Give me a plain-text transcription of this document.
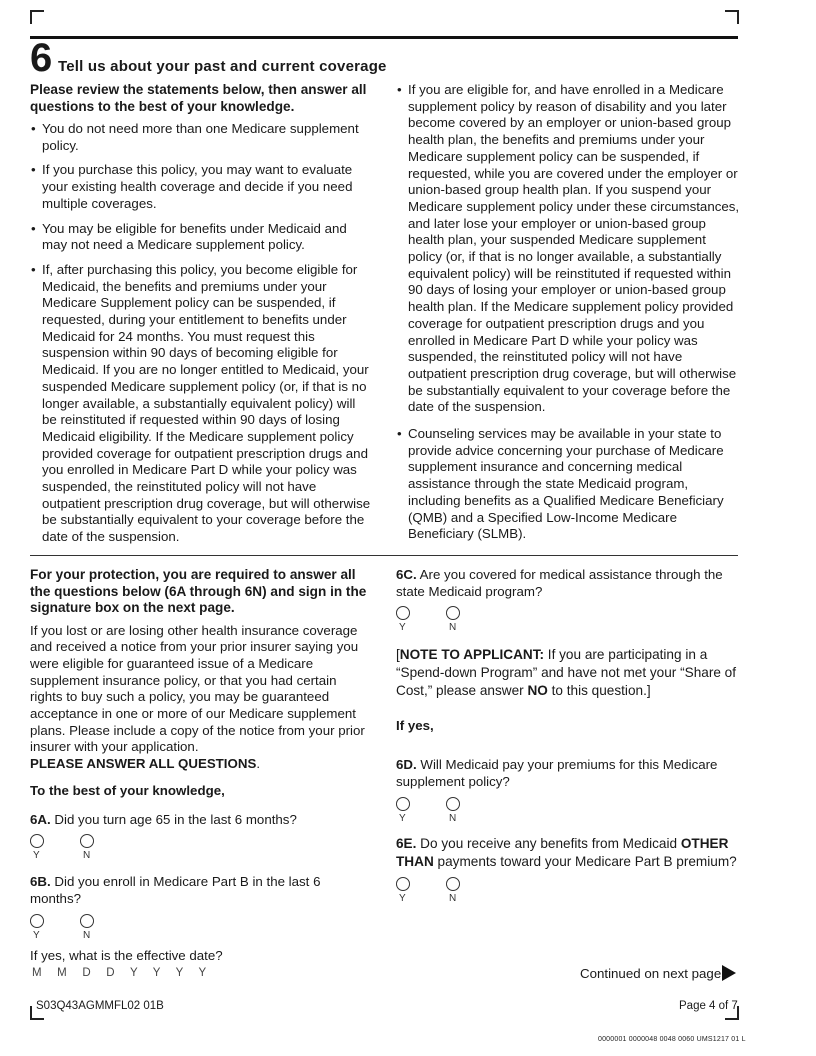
6 Tell us about your past and current coverage

Please review the statements below, then answer all questions to the best of your knowledge.

• You do not need more than one Medicare supplement policy.
• If you purchase this policy, you may want to evaluate your existing health coverage and decide if you need multiple coverages.
• You may be eligible for benefits under Medicaid and may not need a Medicare supplement policy.
• If, after purchasing this policy, you become eligible for Medicaid, the benefits and premiums under your Medicare Supplement policy can be suspended, if requested, during your entitlement to benefits under Medicaid for 24 months. You must request this suspension within 90 days of becoming eligible for Medicaid. If you are no longer entitled to Medicaid, your suspended Medicare supplement policy (or, if that is no longer available, a substantially equivalent policy) will be reinstituted if requested within 90 days of losing Medicaid eligibility. If the Medicare supplement policy provided coverage for outpatient prescription drugs and you enrolled in Medicare Part D while your policy was suspended, the reinstituted policy will not have outpatient prescription drug coverage, but will otherwise be substantially equivalent to your coverage before the date of the suspension.
• If you are eligible for, and have enrolled in a Medicare supplement policy by reason of disability and you later become covered by an employer or union-based group health plan, the benefits and premiums under your Medicare supplement policy can be suspended, if requested, while you are covered under the employer or union-based group health plan. If you suspend your Medicare supplement policy under these circumstances, and later lose your employer or union-based group health plan, your suspended Medicare supplement policy (or, if that is no longer available, a substantially equivalent policy) will be reinstituted if requested within 90 days of losing your employer or union-based group health plan. If the Medicare supplement policy provided coverage for outpatient prescription drugs and you enrolled in Medicare Part D while your policy was suspended, the reinstituted policy will not have outpatient prescription drug coverage, but will otherwise be substantially equivalent to your coverage before the date of the suspension.
• Counseling services may be available in your state to provide advice concerning your purchase of Medicare supplement insurance and concerning medical assistance through the state Medicaid program, including benefits as a Qualified Medicare Beneficiary (QMB) and a Specified Low-Income Medicare Beneficiary (SLMB).

For your protection, you are required to answer all the questions below (6A through 6N) and sign in the signature box on the next page.

If you lost or are losing other health insurance coverage and received a notice from your prior insurer saying you were eligible for guaranteed issue of a Medicare supplement insurance policy, or that you had certain rights to buy such a policy, you may be guaranteed acceptance in one or more of our Medicare supplement plans. Please include a copy of the notice from your prior insurer with your application.
PLEASE ANSWER ALL QUESTIONS.

To the best of your knowledge,

6A. Did you turn age 65 in the last 6 months?

Y	N

6B. Did you enroll in Medicare Part B in the last 6 months?

Y	N

If yes, what is the effective date?

6C. Are you covered for medical assistance through the state Medicaid program?

Y	N

[NOTE TO APPLICANT: If you are participating in a “Spend-down Program” and have not met your “Share of Cost,” please answer NO to this question.]

If yes,

6D. Will Medicaid pay your premiums for this Medicare supplement policy?

Y	N

6E. Do you receive any benefits from Medicaid OTHER THAN payments toward your Medicare Part B premium?

Y	N
M M D D Y Y Y Y	Continued on next page
S03Q43AGMMFL02 01B	Page 4 of 7
0000001 0000048 0048 0060 UMS1217 01 L
